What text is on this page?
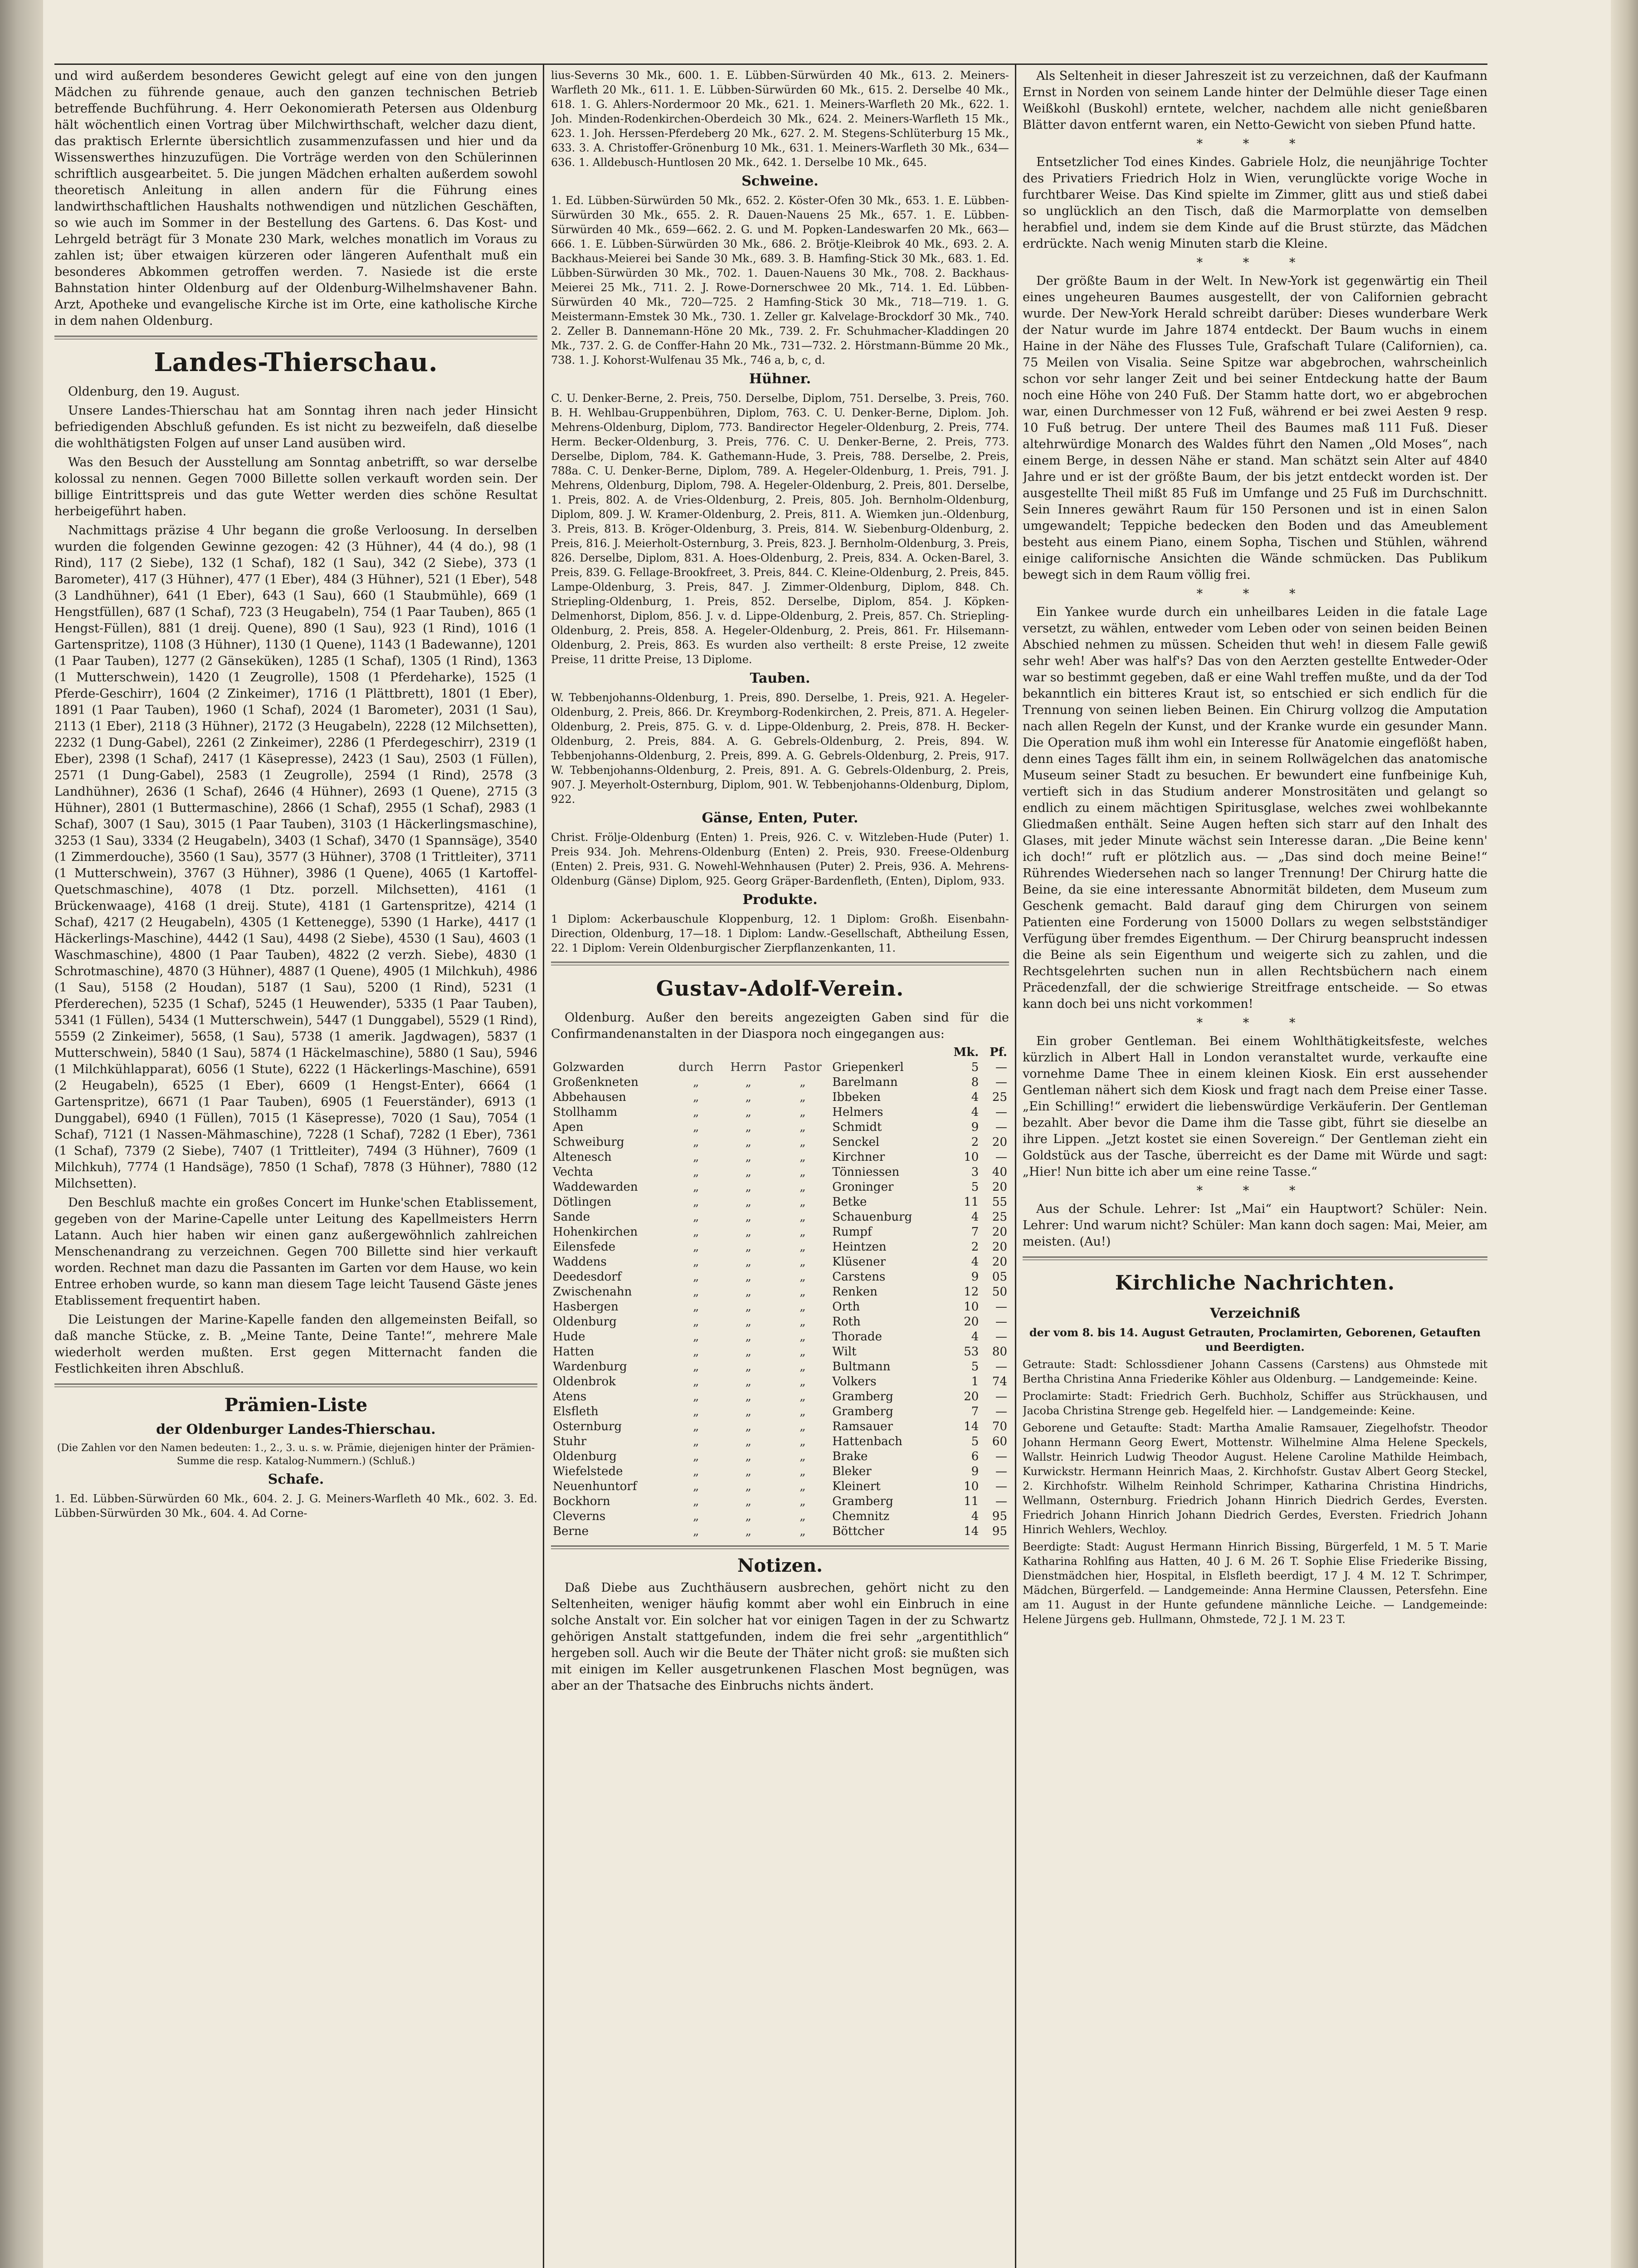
und wird außerdem besonderes Gewicht gelegt auf eine von den jungen Mädchen zu führende genaue, auch den ganzen technischen Betrieb betreffende Buchführung. 4. Herr Oekonomierath Petersen aus Oldenburg hält wöchentlich einen Vortrag über Milchwirthschaft, welcher dazu dient, das praktisch Erlernte übersichtlich zusammenzufassen und hier und da Wissenswerthes hinzuzufügen. Die Vorträge werden von den Schülerinnen schriftlich ausgearbeitet. 5. Die jungen Mädchen erhalten außerdem sowohl theoretisch Anleitung in allen andern für die Führung eines landwirthschaftlichen Haushalts nothwendigen und nützlichen Geschäften, so wie auch im Sommer in der Bestellung des Gartens. 6. Das Kost- und Lehrgeld beträgt für 3 Monate 230 Mark, welches monatlich im Voraus zu zahlen ist; über etwaigen kürzeren oder längeren Aufenthalt muß ein besonderes Abkommen getroffen werden. 7. Nasiede ist die erste Bahnstation hinter Oldenburg auf der Oldenburg-Wilhelmshavener Bahn. Arzt, Apotheke und evangelische Kirche ist im Orte, eine katholische Kirche in dem nahen Oldenburg.

Landes-Thierschau.

Oldenburg, den 19. August.

Unsere Landes-Thierschau hat am Sonntag ihren nach jeder Hinsicht befriedigenden Abschluß gefunden. Es ist nicht zu bezweifeln, daß dieselbe die wohlthätigsten Folgen auf unser Land ausüben wird.

Was den Besuch der Ausstellung am Sonntag anbetrifft, so war derselbe kolossal zu nennen. Gegen 7000 Billette sollen verkauft worden sein. Der billige Eintrittspreis und das gute Wetter werden dies schöne Resultat herbeigeführt haben.

Nachmittags präzise 4 Uhr begann die große Verloosung. In derselben wurden die folgenden Gewinne gezogen: 42 (3 Hühner), 44 (4 do.), 98 (1 Rind), 117 (2 Siebe), 132 (1 Schaf), 182 (1 Sau), 342 (2 Siebe), 373 (1 Barometer), 417 (3 Hühner), 477 (1 Eber), 484 (3 Hühner), 521 (1 Eber), 548 (3 Landhühner), 641 (1 Eber), 643 (1 Sau), 660 (1 Staubmühle), 669 (1 Hengstfüllen), 687 (1 Schaf), 723 (3 Heugabeln), 754 (1 Paar Tauben), 865 (1 Hengst-Füllen), 881 (1 dreij. Quene), 890 (1 Sau), 923 (1 Rind), 1016 (1 Gartenspritze), 1108 (3 Hühner), 1130 (1 Quene), 1143 (1 Badewanne), 1201 (1 Paar Tauben), 1277 (2 Gänseküken), 1285 (1 Schaf), 1305 (1 Rind), 1363 (1 Mutterschwein), 1420 (1 Zeugrolle), 1508 (1 Pferdeharke), 1525 (1 Pferde-Geschirr), 1604 (2 Zinkeimer), 1716 (1 Plättbrett), 1801 (1 Eber), 1891 (1 Paar Tauben), 1960 (1 Schaf), 2024 (1 Barometer), 2031 (1 Sau), 2113 (1 Eber), 2118 (3 Hühner), 2172 (3 Heugabeln), 2228 (12 Milchsetten), 2232 (1 Dung-Gabel), 2261 (2 Zinkeimer), 2286 (1 Pferdegeschirr), 2319 (1 Eber), 2398 (1 Schaf), 2417 (1 Käsepresse), 2423 (1 Sau), 2503 (1 Füllen), 2571 (1 Dung-Gabel), 2583 (1 Zeugrolle), 2594 (1 Rind), 2578 (3 Landhühner), 2636 (1 Schaf), 2646 (4 Hühner), 2693 (1 Quene), 2715 (3 Hühner), 2801 (1 Buttermaschine), 2866 (1 Schaf), 2955 (1 Schaf), 2983 (1 Schaf), 3007 (1 Sau), 3015 (1 Paar Tauben), 3103 (1 Häckerlingsmaschine), 3253 (1 Sau), 3334 (2 Heugabeln), 3403 (1 Schaf), 3470 (1 Spannsäge), 3540 (1 Zimmerdouche), 3560 (1 Sau), 3577 (3 Hühner), 3708 (1 Trittleiter), 3711 (1 Mutterschwein), 3767 (3 Hühner), 3986 (1 Quene), 4065 (1 Kartoffel-Quetschmaschine), 4078 (1 Dtz. porzell. Milchsetten), 4161 (1 Brückenwaage), 4168 (1 dreij. Stute), 4181 (1 Gartenspritze), 4214 (1 Schaf), 4217 (2 Heugabeln), 4305 (1 Kettenegge), 5390 (1 Harke), 4417 (1 Häckerlings-Maschine), 4442 (1 Sau), 4498 (2 Siebe), 4530 (1 Sau), 4603 (1 Waschmaschine), 4800 (1 Paar Tauben), 4822 (2 verzh. Siebe), 4830 (1 Schrotmaschine), 4870 (3 Hühner), 4887 (1 Quene), 4905 (1 Milchkuh), 4986 (1 Sau), 5158 (2 Houdan), 5187 (1 Sau), 5200 (1 Rind), 5231 (1 Pferderechen), 5235 (1 Schaf), 5245 (1 Heuwender), 5335 (1 Paar Tauben), 5341 (1 Füllen), 5434 (1 Mutterschwein), 5447 (1 Dunggabel), 5529 (1 Rind), 5559 (2 Zinkeimer), 5658, (1 Sau), 5738 (1 amerik. Jagdwagen), 5837 (1 Mutterschwein), 5840 (1 Sau), 5874 (1 Häckelmaschine), 5880 (1 Sau), 5946 (1 Milchkühlapparat), 6056 (1 Stute), 6222 (1 Häckerlings-Maschine), 6591 (2 Heugabeln), 6525 (1 Eber), 6609 (1 Hengst-Enter), 6664 (1 Gartenspritze), 6671 (1 Paar Tauben), 6905 (1 Feuerständer), 6913 (1 Dunggabel), 6940 (1 Füllen), 7015 (1 Käsepresse), 7020 (1 Sau), 7054 (1 Schaf), 7121 (1 Nassen-Mähmaschine), 7228 (1 Schaf), 7282 (1 Eber), 7361 (1 Schaf), 7379 (2 Siebe), 7407 (1 Trittleiter), 7494 (3 Hühner), 7609 (1 Milchkuh), 7774 (1 Handsäge), 7850 (1 Schaf), 7878 (3 Hühner), 7880 (12 Milchsetten).

Den Beschluß machte ein großes Concert im Hunke'schen Etablissement, gegeben von der Marine-Capelle unter Leitung des Kapellmeisters Herrn Latann. Auch hier haben wir einen ganz außergewöhnlich zahlreichen Menschenandrang zu verzeichnen. Gegen 700 Billette sind hier verkauft worden. Rechnet man dazu die Passanten im Garten vor dem Hause, wo kein Entree erhoben wurde, so kann man diesem Tage leicht Tausend Gäste jenes Etablissement frequentirt haben.

Die Leistungen der Marine-Kapelle fanden den allgemeinsten Beifall, so daß manche Stücke, z. B. „Meine Tante, Deine Tante!“, mehrere Male wiederholt werden mußten. Erst gegen Mitternacht fanden die Festlichkeiten ihren Abschluß.

Prämien-Liste
der Oldenburger Landes-Thierschau.

(Die Zahlen vor den Namen bedeuten: 1., 2., 3. u. s. w. Prämie, diejenigen hinter der Prämien-Summe die resp. Katalog-Nummern.) (Schluß.)

Schafe.

1. Ed. Lübben-Sürwürden 60 Mk., 604. 2. J. G. Meiners-Warfleth 40 Mk., 602. 3. Ed. Lübben-Sürwürden 30 Mk., 604. 4. Ad Corne-

lius-Severns 30 Mk., 600. 1. E. Lübben-Sürwürden 40 Mk., 613. 2. Meiners-Warfleth 20 Mk., 611. 1. E. Lübben-Sürwürden 60 Mk., 615. 2. Derselbe 40 Mk., 618. 1. G. Ahlers-Nordermoor 20 Mk., 621. 1. Meiners-Warfleth 20 Mk., 622. 1. Joh. Minden-Rodenkirchen-Oberdeich 30 Mk., 624. 2. Meiners-Warfleth 15 Mk., 623. 1. Joh. Herssen-Pferdeberg 20 Mk., 627. 2. M. Stegens-Schlüterburg 15 Mk., 633. 3. A. Christoffer-Grönenburg 10 Mk., 631. 1. Meiners-Warfleth 30 Mk., 634—636. 1. Alldebusch-Huntlosen 20 Mk., 642. 1. Derselbe 10 Mk., 645.

Schweine.

1. Ed. Lübben-Sürwürden 50 Mk., 652. 2. Köster-Ofen 30 Mk., 653. 1. E. Lübben-Sürwürden 30 Mk., 655. 2. R. Dauen-Nauens 25 Mk., 657. 1. E. Lübben-Sürwürden 40 Mk., 659—662. 2. G. und M. Popken-Landeswarfen 20 Mk., 663—666. 1. E. Lübben-Sürwürden 30 Mk., 686. 2. Brötje-Kleibrok 40 Mk., 693. 2. A. Backhaus-Meierei bei Sande 30 Mk., 689. 3. B. Hamfing-Stick 30 Mk., 683. 1. Ed. Lübben-Sürwürden 30 Mk., 702. 1. Dauen-Nauens 30 Mk., 708. 2. Backhaus-Meierei 25 Mk., 711. 2. J. Rowe-Dornerschwee 20 Mk., 714. 1. Ed. Lübben-Sürwürden 40 Mk., 720—725. 2 Hamfing-Stick 30 Mk., 718—719. 1. G. Meistermann-Emstek 30 Mk., 730. 1. Zeller gr. Kalvelage-Brockdorf 30 Mk., 740. 2. Zeller B. Dannemann-Höne 20 Mk., 739. 2. Fr. Schuhmacher-Kladdingen 20 Mk., 737. 2. G. de Conffer-Hahn 20 Mk., 731—732. 2. Hörstmann-Bümme 20 Mk., 738. 1. J. Kohorst-Wulfenau 35 Mk., 746 a, b, c, d.

Hühner.

C. U. Denker-Berne, 2. Preis, 750. Derselbe, Diplom, 751. Derselbe, 3. Preis, 760. B. H. Wehlbau-Gruppenbühren, Diplom, 763. C. U. Denker-Berne, Diplom. Joh. Mehrens-Oldenburg, Diplom, 773. Bandirector Hegeler-Oldenburg, 2. Preis, 774. Herm. Becker-Oldenburg, 3. Preis, 776. C. U. Denker-Berne, 2. Preis, 773. Derselbe, Diplom, 784. K. Gathemann-Hude, 3. Preis, 788. Derselbe, 2. Preis, 788a. C. U. Denker-Berne, Diplom, 789. A. Hegeler-Oldenburg, 1. Preis, 791. J. Mehrens, Oldenburg, Diplom, 798. A. Hegeler-Oldenburg, 2. Preis, 801. Derselbe, 1. Preis, 802. A. de Vries-Oldenburg, 2. Preis, 805. Joh. Bernholm-Oldenburg, Diplom, 809. J. W. Kramer-Oldenburg, 2. Preis, 811. A. Wiemken jun.-Oldenburg, 3. Preis, 813. B. Kröger-Oldenburg, 3. Preis, 814. W. Siebenburg-Oldenburg, 2. Preis, 816. J. Meierholt-Osternburg, 3. Preis, 823. J. Bernholm-Oldenburg, 3. Preis, 826. Derselbe, Diplom, 831. A. Hoes-Oldenburg, 2. Preis, 834. A. Ocken-Barel, 3. Preis, 839. G. Fellage-Brookfreet, 3. Preis, 844. C. Kleine-Oldenburg, 2. Preis, 845. Lampe-Oldenburg, 3. Preis, 847. J. Zimmer-Oldenburg, Diplom, 848. Ch. Striepling-Oldenburg, 1. Preis, 852. Derselbe, Diplom, 854. J. Köpken-Delmenhorst, Diplom, 856. J. v. d. Lippe-Oldenburg, 2. Preis, 857. Ch. Striepling-Oldenburg, 2. Preis, 858. A. Hegeler-Oldenburg, 2. Preis, 861. Fr. Hilsemann-Oldenburg, 2. Preis, 863. Es wurden also vertheilt: 8 erste Preise, 12 zweite Preise, 11 dritte Preise, 13 Diplome.

Tauben.

W. Tebbenjohanns-Oldenburg, 1. Preis, 890. Derselbe, 1. Preis, 921. A. Hegeler-Oldenburg, 2. Preis, 866. Dr. Kreymborg-Rodenkirchen, 2. Preis, 871. A. Hegeler-Oldenburg, 2. Preis, 875. G. v. d. Lippe-Oldenburg, 2. Preis, 878. H. Becker-Oldenburg, 2. Preis, 884. A. G. Gebrels-Oldenburg, 2. Preis, 894. W. Tebbenjohanns-Oldenburg, 2. Preis, 899. A. G. Gebrels-Oldenburg, 2. Preis, 917. W. Tebbenjohanns-Oldenburg, 2. Preis, 891. A. G. Gebrels-Oldenburg, 2. Preis, 907. J. Meyerholt-Osternburg, Diplom, 901. W. Tebbenjohanns-Oldenburg, Diplom, 922.

Gänse, Enten, Puter.

Christ. Frölje-Oldenburg (Enten) 1. Preis, 926. C. v. Witzleben-Hude (Puter) 1. Preis 934. Joh. Mehrens-Oldenburg (Enten) 2. Preis, 930. Freese-Oldenburg (Enten) 2. Preis, 931. G. Nowehl-Wehnhausen (Puter) 2. Preis, 936. A. Mehrens-Oldenburg (Gänse) Diplom, 925. Georg Gräper-Bardenfleth, (Enten), Diplom, 933.

Produkte.

1 Diplom: Ackerbauschule Kloppenburg, 12. 1 Diplom: Großh. Eisenbahn-Direction, Oldenburg, 17—18. 1 Diplom: Landw.-Gesellschaft, Abtheilung Essen, 22. 1 Diplom: Verein Oldenburgischer Zierpflanzenkanten, 11.

Gustav-Adolf-Verein.

Oldenburg. Außer den bereits angezeigten Gaben sind für die Confirmandenanstalten in der Diaspora noch eingegangen aus:

					Mk.	Pf.
Golzwarden	durch	Herrn	Pastor	Griepenkerl	5	—
Großenkneten	„	„	„	Barelmann	8	—
Abbehausen	„	„	„	Ibbeken	4	25
Stollhamm	„	„	„	Helmers	4	—
Apen	„	„	„	Schmidt	9	—
Schweiburg	„	„	„	Senckel	2	20
Altenesch	„	„	„	Kirchner	10	—
Vechta	„	„	„	Tönniessen	3	40
Waddewarden	„	„	„	Groninger	5	20
Dötlingen	„	„	„	Betke	11	55
Sande	„	„	„	Schauenburg	4	25
Hohenkirchen	„	„	„	Rumpf	7	20
Eilensfede	„	„	„	Heintzen	2	20
Waddens	„	„	„	Klüsener	4	20
Deedesdorf	„	„	„	Carstens	9	05
Zwischenahn	„	„	„	Renken	12	50
Hasbergen	„	„	„	Orth	10	—
Oldenburg	„	„	„	Roth	20	—
Hude	„	„	„	Thorade	4	—
Hatten	„	„	„	Wilt	53	80
Wardenburg	„	„	„	Bultmann	5	—
Oldenbrok	„	„	„	Volkers	1	74
Atens	„	„	„	Gramberg	20	—
Elsfleth	„	„	„	Gramberg	7	—
Osternburg	„	„	„	Ramsauer	14	70
Stuhr	„	„	„	Hattenbach	5	60
Oldenburg	„	„	„	Brake	6	—
Wiefelstede	„	„	„	Bleker	9	—
Neuenhuntorf	„	„	„	Kleinert	10	—
Bockhorn	„	„	„	Gramberg	11	—
Cleverns	„	„	„	Chemnitz	4	95
Berne	„	„	„	Böttcher	14	95
Notizen.

Daß Diebe aus Zuchthäusern ausbrechen, gehört nicht zu den Seltenheiten, weniger häufig kommt aber wohl ein Einbruch in eine solche Anstalt vor. Ein solcher hat vor einigen Tagen in der zu Schwartz gehörigen Anstalt stattgefunden, indem die frei sehr „argentithlich“ hergeben soll. Auch wir die Beute der Thäter nicht groß: sie mußten sich mit einigen im Keller ausgetrunkenen Flaschen Most begnügen, was aber an der Thatsache des Einbruchs nichts ändert.

Als Seltenheit in dieser Jahreszeit ist zu verzeichnen, daß der Kaufmann Ernst in Norden von seinem Lande hinter der Delmühle dieser Tage einen Weißkohl (Buskohl) erntete, welcher, nachdem alle nicht genießbaren Blätter davon entfernt waren, ein Netto-Gewicht von sieben Pfund hatte.

* * *

Entsetzlicher Tod eines Kindes. Gabriele Holz, die neunjährige Tochter des Privatiers Friedrich Holz in Wien, verunglückte vorige Woche in furchtbarer Weise. Das Kind spielte im Zimmer, glitt aus und stieß dabei so unglücklich an den Tisch, daß die Marmorplatte von demselben herabfiel und, indem sie dem Kinde auf die Brust stürzte, das Mädchen erdrückte. Nach wenig Minuten starb die Kleine.

* * *

Der größte Baum in der Welt. In New-York ist gegenwärtig ein Theil eines ungeheuren Baumes ausgestellt, der von Californien gebracht wurde. Der New-York Herald schreibt darüber: Dieses wunderbare Werk der Natur wurde im Jahre 1874 entdeckt. Der Baum wuchs in einem Haine in der Nähe des Flusses Tule, Grafschaft Tulare (Californien), ca. 75 Meilen von Visalia. Seine Spitze war abgebrochen, wahrscheinlich schon vor sehr langer Zeit und bei seiner Entdeckung hatte der Baum noch eine Höhe von 240 Fuß. Der Stamm hatte dort, wo er abgebrochen war, einen Durchmesser von 12 Fuß, während er bei zwei Aesten 9 resp. 10 Fuß betrug. Der untere Theil des Baumes maß 111 Fuß. Dieser altehrwürdige Monarch des Waldes führt den Namen „Old Moses“, nach einem Berge, in dessen Nähe er stand. Man schätzt sein Alter auf 4840 Jahre und er ist der größte Baum, der bis jetzt entdeckt worden ist. Der ausgestellte Theil mißt 85 Fuß im Umfange und 25 Fuß im Durchschnitt. Sein Inneres gewährt Raum für 150 Personen und ist in einen Salon umgewandelt; Teppiche bedecken den Boden und das Ameublement besteht aus einem Piano, einem Sopha, Tischen und Stühlen, während einige californische Ansichten die Wände schmücken. Das Publikum bewegt sich in dem Raum völlig frei.

* * *

Ein Yankee wurde durch ein unheilbares Leiden in die fatale Lage versetzt, zu wählen, entweder vom Leben oder von seinen beiden Beinen Abschied nehmen zu müssen. Scheiden thut weh! in diesem Falle gewiß sehr weh! Aber was half's? Das von den Aerzten gestellte Entweder-Oder war so bestimmt gegeben, daß er eine Wahl treffen mußte, und da der Tod bekanntlich ein bitteres Kraut ist, so entschied er sich endlich für die Trennung von seinen lieben Beinen. Ein Chirurg vollzog die Amputation nach allen Regeln der Kunst, und der Kranke wurde ein gesunder Mann. Die Operation muß ihm wohl ein Interesse für Anatomie eingeflößt haben, denn eines Tages fällt ihm ein, in seinem Rollwägelchen das anatomische Museum seiner Stadt zu besuchen. Er bewundert eine funfbeinige Kuh, vertieft sich in das Studium anderer Monstrositäten und gelangt so endlich zu einem mächtigen Spiritusglase, welches zwei wohlbekannte Gliedmaßen enthält. Seine Augen heften sich starr auf den Inhalt des Glases, mit jeder Minute wächst sein Interesse daran. „Die Beine kenn' ich doch!“ ruft er plötzlich aus. — „Das sind doch meine Beine!“ Rührendes Wiedersehen nach so langer Trennung! Der Chirurg hatte die Beine, da sie eine interessante Abnormität bildeten, dem Museum zum Geschenk gemacht. Bald darauf ging dem Chirurgen von seinem Patienten eine Forderung von 15000 Dollars zu wegen selbstständiger Verfügung über fremdes Eigenthum. — Der Chirurg beansprucht indessen die Beine als sein Eigenthum und weigerte sich zu zahlen, und die Rechtsgelehrten suchen nun in allen Rechtsbüchern nach einem Präcedenzfall, der die schwierige Streitfrage entscheide. — So etwas kann doch bei uns nicht vorkommen!

* * *

Ein grober Gentleman. Bei einem Wohlthätigkeitsfeste, welches kürzlich in Albert Hall in London veranstaltet wurde, verkaufte eine vornehme Dame Thee in einem kleinen Kiosk. Ein erst aussehender Gentleman nähert sich dem Kiosk und fragt nach dem Preise einer Tasse. „Ein Schilling!“ erwidert die liebenswürdige Verkäuferin. Der Gentleman bezahlt. Aber bevor die Dame ihm die Tasse gibt, führt sie dieselbe an ihre Lippen. „Jetzt kostet sie einen Sovereign.“ Der Gentleman zieht ein Goldstück aus der Tasche, überreicht es der Dame mit Würde und sagt: „Hier! Nun bitte ich aber um eine reine Tasse.“

* * *

Aus der Schule. Lehrer: Ist „Mai“ ein Hauptwort? Schüler: Nein. Lehrer: Und warum nicht? Schüler: Man kann doch sagen: Mai, Meier, am meisten. (Au!)

Kirchliche Nachrichten.
Verzeichniß

der vom 8. bis 14. August Getrauten, Proclamirten, Geborenen, Getauften und Beerdigten.

Getraute: Stadt: Schlossdiener Johann Cassens (Carstens) aus Ohmstede mit Bertha Christina Anna Friederike Köhler aus Oldenburg. — Landgemeinde: Keine.

Proclamirte: Stadt: Friedrich Gerh. Buchholz, Schiffer aus Strückhausen, und Jacoba Christina Strenge geb. Hegelfeld hier. — Landgemeinde: Keine.

Geborene und Getaufte: Stadt: Martha Amalie Ramsauer, Ziegelhofstr. Theodor Johann Hermann Georg Ewert, Mottenstr. Wilhelmine Alma Helene Speckels, Wallstr. Heinrich Ludwig Theodor August. Helene Caroline Mathilde Heimbach, Kurwickstr. Hermann Heinrich Maas, 2. Kirchhofstr. Gustav Albert Georg Steckel, 2. Kirchhofstr. Wilhelm Reinhold Schrimper, Katharina Christina Hindrichs, Wellmann, Osternburg. Friedrich Johann Hinrich Diedrich Gerdes, Eversten. Friedrich Johann Hinrich Johann Diedrich Gerdes, Eversten. Friedrich Johann Hinrich Wehlers, Wechloy.

Beerdigte: Stadt: August Hermann Hinrich Bissing, Bürgerfeld, 1 M. 5 T. Marie Katharina Rohlfing aus Hatten, 40 J. 6 M. 26 T. Sophie Elise Friederike Bissing, Dienstmädchen hier, Hospital, in Elsfleth beerdigt, 17 J. 4 M. 12 T. Schrimper, Mädchen, Bürgerfeld. — Landgemeinde: Anna Hermine Claussen, Petersfehn. Eine am 11. August in der Hunte gefundene männliche Leiche. — Landgemeinde: Helene Jürgens geb. Hullmann, Ohmstede, 72 J. 1 M. 23 T.
